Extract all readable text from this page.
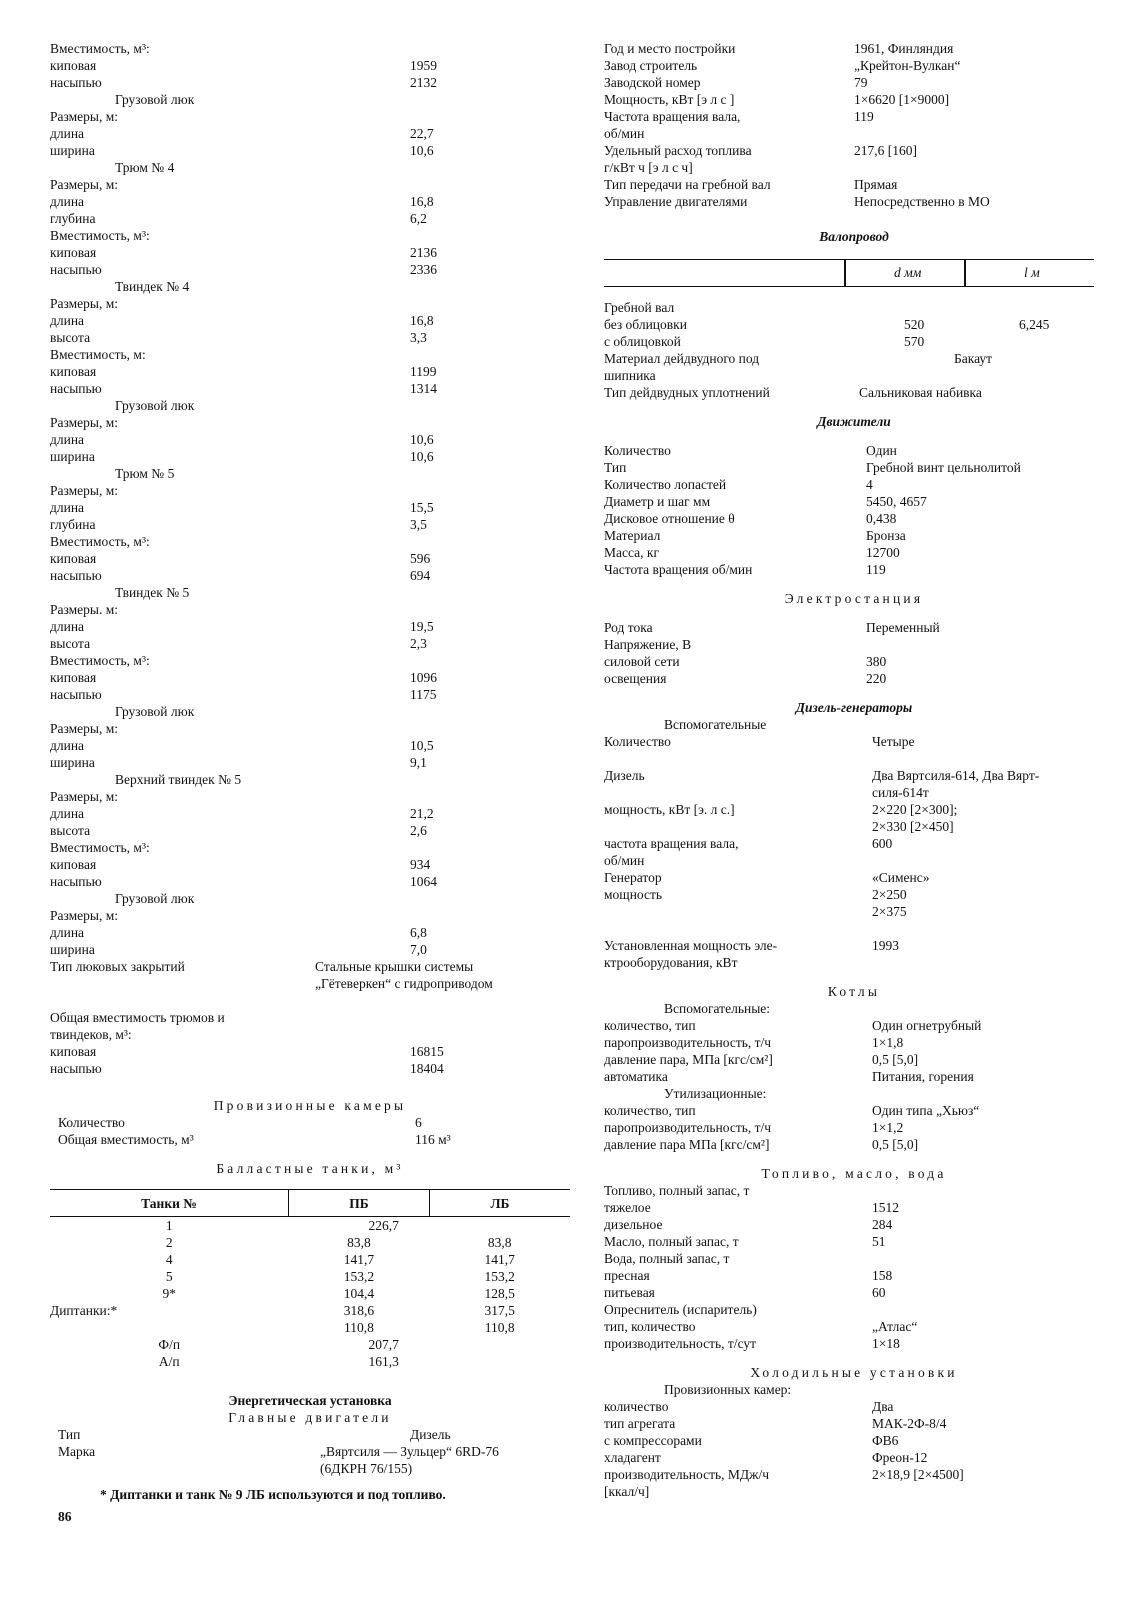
Вместимость, м³:
киповая	1959
насыпью	2132
Грузовой люк
Размеры, м:
длина	22,7
ширина	10,6
Трюм № 4
Размеры, м:
длина	16,8
глубина	6,2
Вместимость, м³:
киповая	2136
насыпью	2336
Твиндек № 4
Размеры, м:
длина	16,8
высота	3,3
Вместимость, м:
киповая	1199
насыпью	1314
Грузовой люк
Размеры, м:
длина	10,6
ширина	10,6
Трюм № 5
Размеры, м:
длина	15,5
глубина	3,5
Вместимость, м³:
киповая	596
насыпью	694
Твиндек № 5
Размеры. м:
длина	19,5
высота	2,3
Вместимость, м³:
киповая	1096
насыпью	1175
Грузовой люк
Размеры, м:
длина	10,5
ширина	9,1
Верхний твиндек № 5
Размеры, м:
длина	21,2
высота	2,6
Вместимость, м³:
киповая	934
насыпью	1064
Грузовой люк
Размеры, м:
длина	6,8
ширина	7,0
Тип люковых закрытий	Стальные крышки системы
„Гётеверкен“ с гидроприводом
Общая вместимость трюмов и
твиндеков, м³:
киповая	16815
насыпью	18404
Провизионные камеры
Количество	6
Общая вместимость, м³	116 м³
Балластные танки, м³
Танки №	ПБ	ЛБ
1	226,7	
2	83,8	83,8
4	141,7	141,7
5	153,2	153,2
9*	104,4	128,5
Диптанки:*	318,6	317,5
	110,8	110,8
Ф/п	207,7	
А/п	161,3	
Энергетическая установка
Главные двигатели
Тип	Дизель
Марка	„Вяртсиля — Зульцер“ 6RD-76
(6ДКРН 76/155)
Год и место постройки	1961, Финляндия
Завод строитель	„Крейтон-Вулкан“
Заводской номер	79
Мощность, кВт [э л с ]	1×6620 [1×9000]
Частота вращения вала,	119
об/мин
Удельный расход топлива	217,6 [160]
г/кВт ч [э л с ч]
Тип передачи на гребной вал	Прямая
Управление двигателями	Непосредственно в МО
Валопровод
d мм	l м
Гребной вал
без облицовки	520	6,245
с облицовкой	570
Материал дейдвудного под	Бакаут
шипника
Тип дейдвудных уплотнений	Сальниковая набивка
Движители
Количество	Один
Тип	Гребной винт цельнолитой
Количество лопастей	4
Диаметр и шаг мм	5450, 4657
Дисковое отношение θ	0,438
Материал	Бронза
Масса, кг	12700
Частота вращения об/мин	119
Электростанция
Род тока	Переменный
Напряжение, В
силовой сети	380
освещения	220
Дизель-генераторы
Вспомогательные
Количество	Четыре
Дизель	Два Вяртсиля-614, Два Вярт-
силя-614т
мощность, кВт [э. л с.]	2×220 [2×300];
2×330 [2×450]
частота вращения вала,	600
об/мин
Генератор	«Сименс»
мощность	2×250
2×375
Установленная мощность эле-	1993
ктрооборудования, кВт
Котлы
Вспомогательные:
количество, тип	Один огнетрубный
паропроизводительность, т/ч	1×1,8
давление пара, МПа [кгс/см²]	0,5 [5,0]
автоматика	Питания, горения
Утилизационные:
количество, тип	Один типа „Хьюз“
паропроизводительность, т/ч	1×1,2
давление пара МПа [кгс/см²]	0,5 [5,0]
Топливо, масло, вода
Топливо, полный запас, т
тяжелое	1512
дизельное	284
Масло, полный запас, т	51
Вода, полный запас, т
пресная	158
питьевая	60
Опреснитель (испаритель)
тип, количество	„Атлас“
производительность, т/сут	1×18
Холодильные установки
Провизионных камер:
количество	Два
тип агрегата	МАК-2Ф-8/4
с компрессорами	ФВ6
хладагент	Фреон-12
производительность, МДж/ч	2×18,9 [2×4500]
[ккал/ч]
* Диптанки и танк № 9 ЛБ используются и под топливо.
86
